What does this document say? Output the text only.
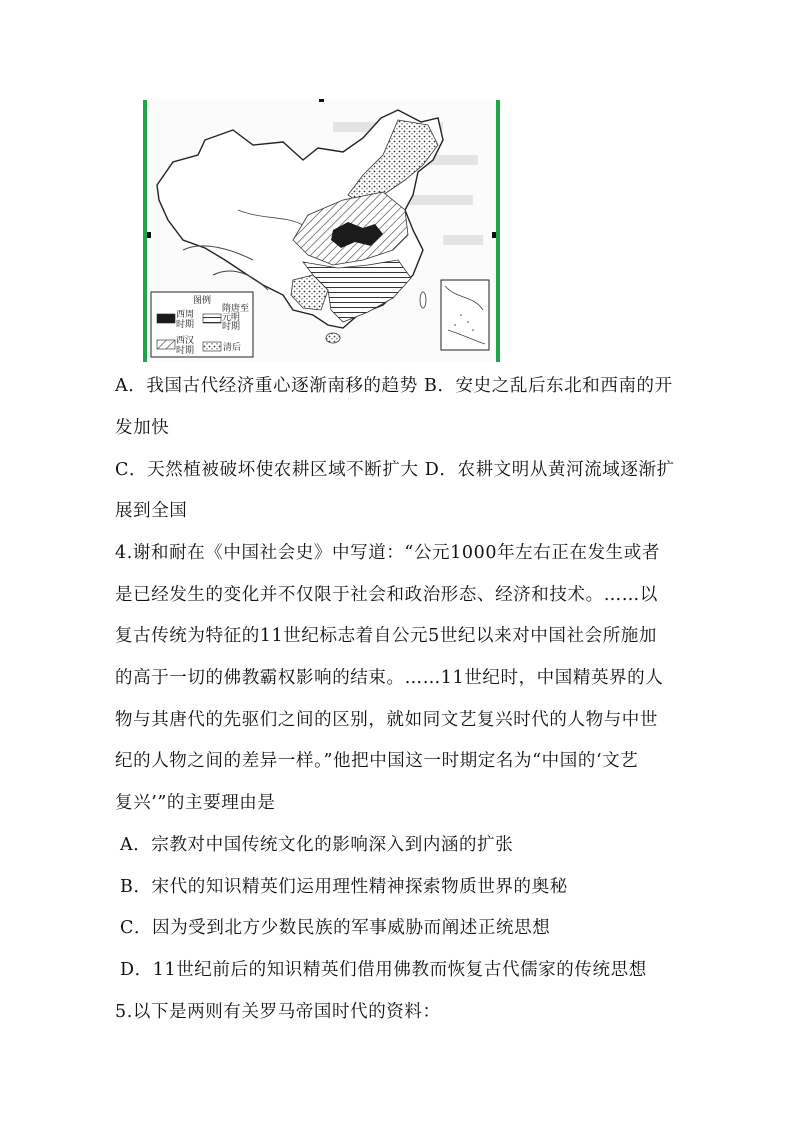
图例
西周
时期
隋唐至
元明
时期
西汉
时期	清后
A．我国古代经济重心逐渐南移的趋势 B．安史之乱后东北和西南的开
发加快
C．天然植被破坏使农耕区域不断扩大 D．农耕文明从黄河流域逐渐扩
展到全国
4.谢和耐在《中国社会史》中写道：“公元1000年左右正在发生或者
是已经发生的变化并不仅限于社会和政治形态、经济和技术。……以
复古传统为特征的11世纪标志着自公元5世纪以来对中国社会所施加
的高于一切的佛教霸权影响的结束。……11世纪时，中国精英界的人
物与其唐代的先驱们之间的区别，就如同文艺复兴时代的人物与中世
纪的人物之间的差异一样。”他把中国这一时期定名为“中国的‘文艺
复兴’”的主要理由是
A．宗教对中国传统文化的影响深入到内涵的扩张
B．宋代的知识精英们运用理性精神探索物质世界的奥秘
C．因为受到北方少数民族的军事威胁而阐述正统思想
D．11世纪前后的知识精英们借用佛教而恢复古代儒家的传统思想
5.以下是两则有关罗马帝国时代的资料：
